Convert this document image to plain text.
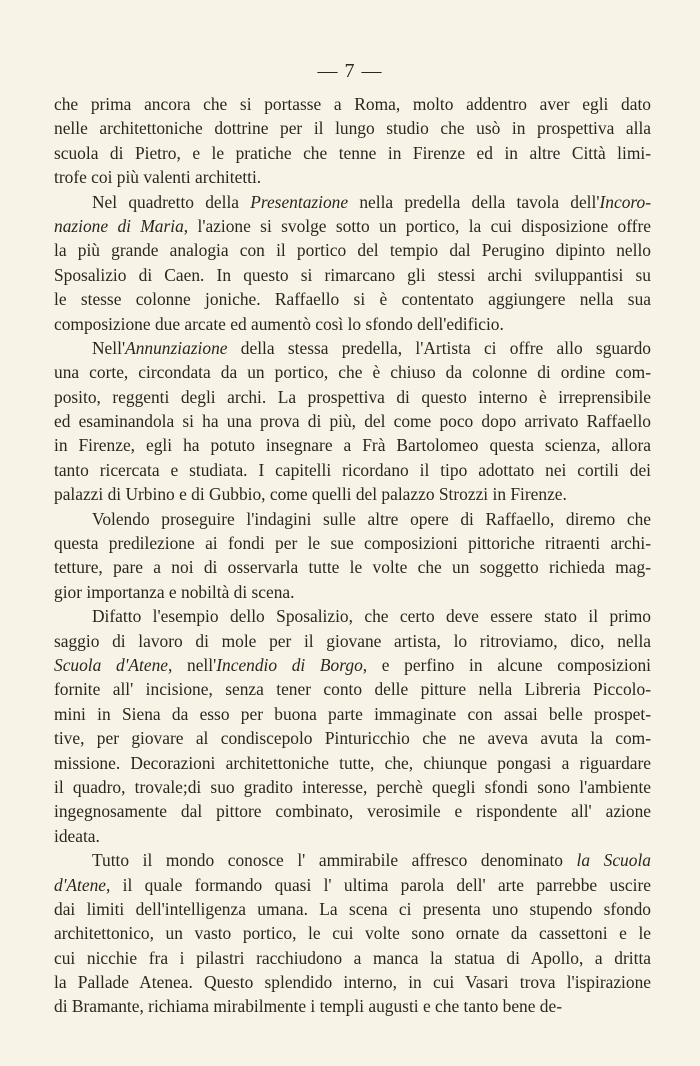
— 7 —
che prima ancora che si portasse a Roma, molto addentro aver egli dato
nelle architettoniche dottrine per il lungo studio che usò in prospettiva alla
scuola di Pietro, e le pratiche che tenne in Firenze ed in altre Città limi-
trofe coi più valenti architetti.
Nel quadretto della Presentazione nella predella della tavola dell'Incoro-
nazione di Maria, l'azione si svolge sotto un portico, la cui disposizione offre
la più grande analogia con il portico del tempio dal Perugino dipinto nello
Sposalizio di Caen. In questo si rimarcano gli stessi archi sviluppantisi su
le stesse colonne joniche. Raffaello si è contentato aggiungere nella sua
composizione due arcate ed aumentò così lo sfondo dell'edificio.
Nell'Annunziazione della stessa predella, l'Artista ci offre allo sguardo
una corte, circondata da un portico, che è chiuso da colonne di ordine com-
posito, reggenti degli archi. La prospettiva di questo interno è irreprensibile
ed esaminandola si ha una prova di più, del come poco dopo arrivato Raffaello
in Firenze, egli ha potuto insegnare a Frà Bartolomeo questa scienza, allora
tanto ricercata e studiata. I capitelli ricordano il tipo adottato nei cortili dei
palazzi di Urbino e di Gubbio, come quelli del palazzo Strozzi in Firenze.
Volendo proseguire l'indagini sulle altre opere di Raffaello, diremo che
questa predilezione ai fondi per le sue composizioni pittoriche ritraenti archi-
tetture, pare a noi di osservarla tutte le volte che un soggetto richieda mag-
gior importanza e nobiltà di scena.
Difatto l'esempio dello Sposalizio, che certo deve essere stato il primo
saggio di lavoro di mole per il giovane artista, lo ritroviamo, dico, nella
Scuola d'Atene, nell'Incendio di Borgo, e perfino in alcune composizioni
fornite all' incisione, senza tener conto delle pitture nella Libreria Piccolo-
mini in Siena da esso per buona parte immaginate con assai belle prospet-
tive, per giovare al condiscepolo Pinturicchio che ne aveva avuta la com-
missione. Decorazioni architettoniche tutte, che, chiunque pongasi a riguardare
il quadro, trovale;di suo gradito interesse, perchè quegli sfondi sono l'ambiente
ingegnosamente dal pittore combinato, verosimile e rispondente all' azione
ideata.
Tutto il mondo conosce l' ammirabile affresco denominato la Scuola
d'Atene, il quale formando quasi l' ultima parola dell' arte parrebbe uscire
dai limiti dell'intelligenza umana. La scena ci presenta uno stupendo sfondo
architettonico, un vasto portico, le cui volte sono ornate da cassettoni e le
cui nicchie fra i pilastri racchiudono a manca la statua di Apollo, a dritta
la Pallade Atenea. Questo splendido interno, in cui Vasari trova l'ispirazione
di Bramante, richiama mirabilmente i templi augusti e che tanto bene de-
